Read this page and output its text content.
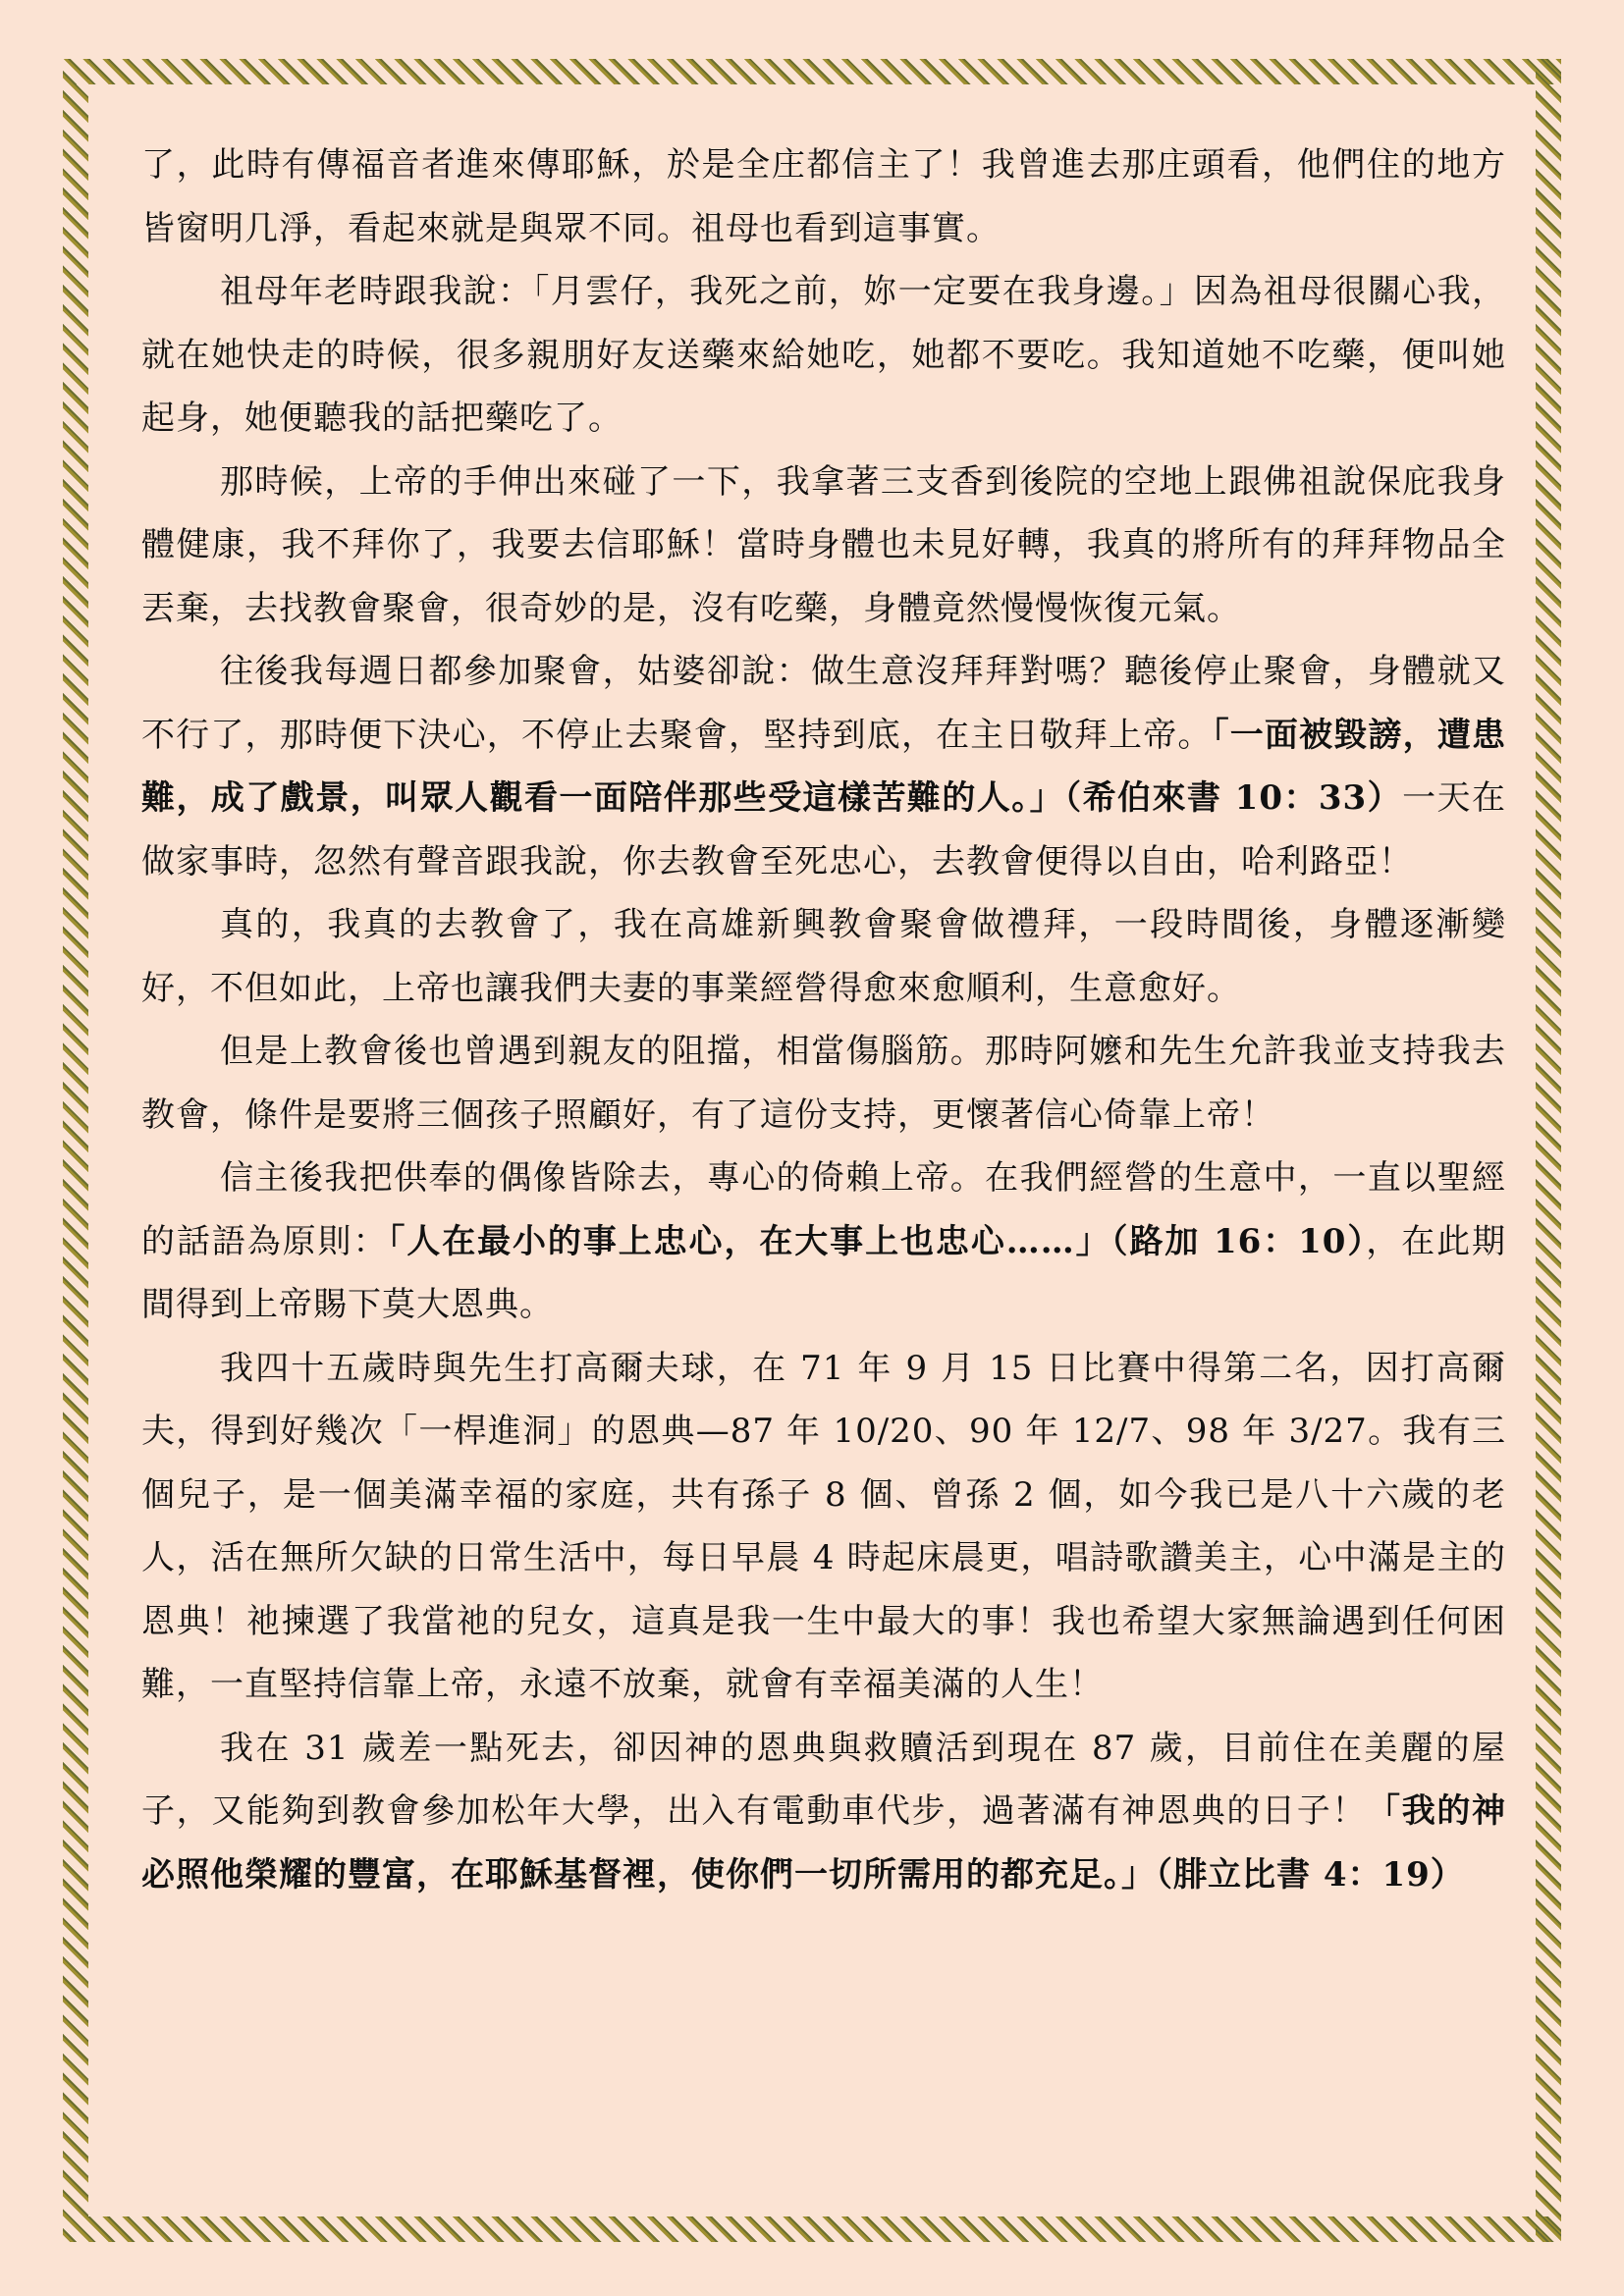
了，此時有傳福音者進來傳耶穌，於是全庄都信主了！我曾進去那庄頭看，他們住的地方皆窗明几淨，看起來就是與眾不同。祖母也看到這事實。

祖母年老時跟我說：「月雲仔，我死之前，妳一定要在我身邊。」因為祖母很關心我，就在她快走的時候，很多親朋好友送藥來給她吃，她都不要吃。我知道她不吃藥，便叫她起身，她便聽我的話把藥吃了。

那時候，上帝的手伸出來碰了一下，我拿著三支香到後院的空地上跟佛祖說保庇我身體健康，我不拜你了，我要去信耶穌！當時身體也未見好轉，我真的將所有的拜拜物品全丟棄，去找教會聚會，很奇妙的是，沒有吃藥，身體竟然慢慢恢復元氣。

往後我每週日都參加聚會，姑婆卻說：做生意沒拜拜對嗎？聽後停止聚會，身體就又不行了，那時便下決心，不停止去聚會，堅持到底，在主日敬拜上帝。「一面被毀謗，遭患難，成了戲景，叫眾人觀看一面陪伴那些受這樣苦難的人。」（希伯來書 10：33）一天在做家事時，忽然有聲音跟我說，你去教會至死忠心，去教會便得以自由，哈利路亞！

真的，我真的去教會了，我在高雄新興教會聚會做禮拜，一段時間後，身體逐漸變好，不但如此，上帝也讓我們夫妻的事業經營得愈來愈順利，生意愈好。

但是上教會後也曾遇到親友的阻擋，相當傷腦筋。那時阿嬤和先生允許我並支持我去教會，條件是要將三個孩子照顧好，有了這份支持，更懷著信心倚靠上帝！

信主後我把供奉的偶像皆除去，專心的倚賴上帝。在我們經營的生意中，一直以聖經的話語為原則：「人在最小的事上忠心，在大事上也忠心……」（路加 16：10），在此期間得到上帝賜下莫大恩典。

我四十五歲時與先生打高爾夫球，在 71 年 9 月 15 日比賽中得第二名，因打高爾夫，得到好幾次「一桿進洞」的恩典—87 年 10/20、90 年 12/7、98 年 3/27。我有三個兒子，是一個美滿幸福的家庭，共有孫子 8 個、曾孫 2 個，如今我已是八十六歲的老人，活在無所欠缺的日常生活中，每日早晨 4 時起床晨更，唱詩歌讚美主，心中滿是主的恩典！祂揀選了我當祂的兒女，這真是我一生中最大的事！我也希望大家無論遇到任何困難，一直堅持信靠上帝，永遠不放棄，就會有幸福美滿的人生！

我在 31 歲差一點死去，卻因神的恩典與救贖活到現在 87 歲，目前住在美麗的屋子，又能夠到教會參加松年大學，出入有電動車代步，過著滿有神恩典的日子！「我的神必照他榮耀的豐富，在耶穌基督裡，使你們一切所需用的都充足。」（腓立比書 4：19）
